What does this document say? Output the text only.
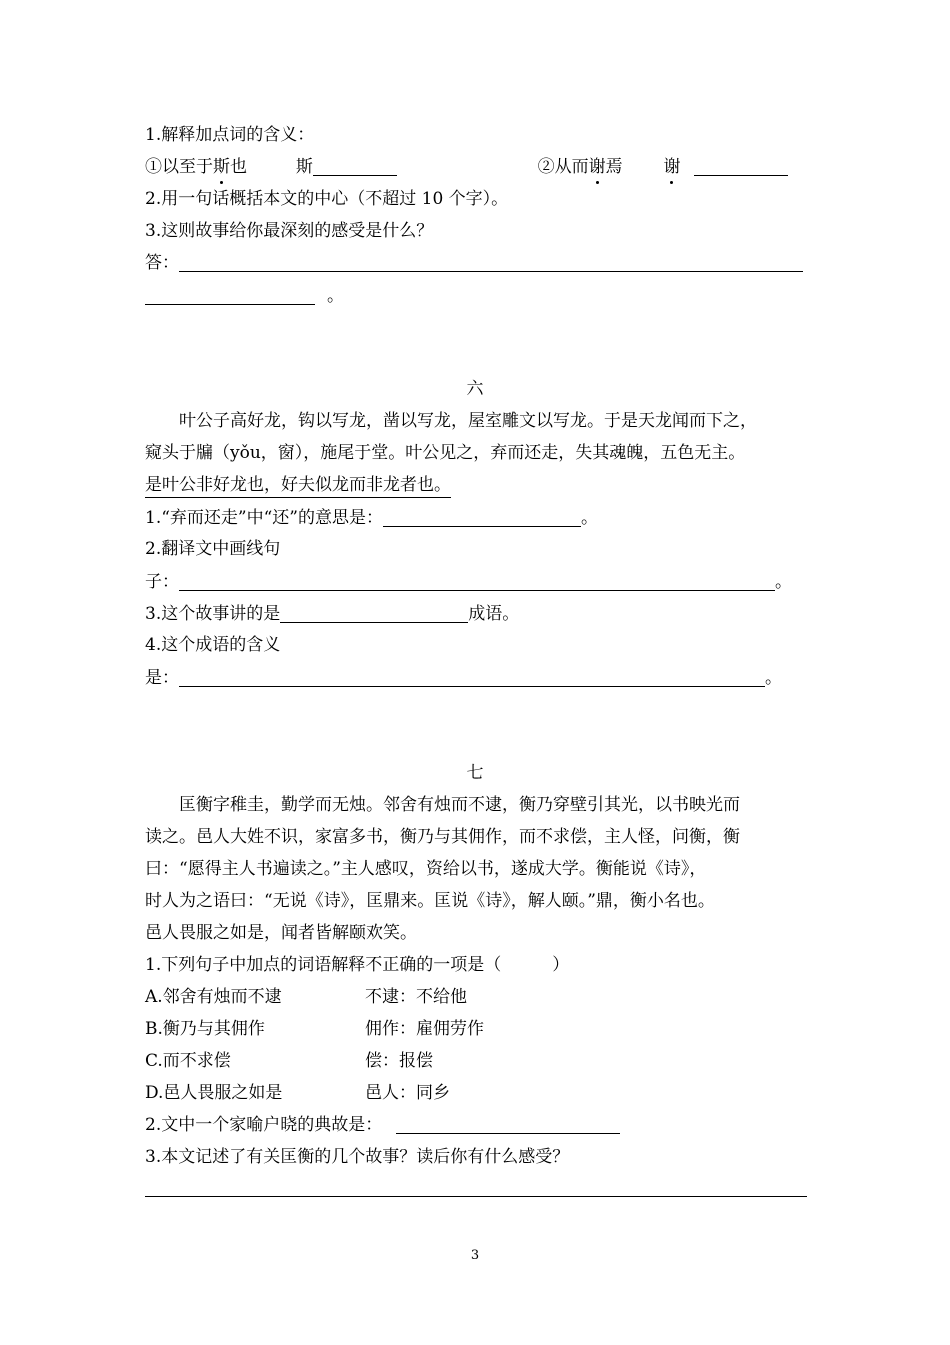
1.解释加点词的含义：
①以至于斯也	斯	②从而谢焉 谢
2.用一句话概括本文的中心（不超过 10 个字）。
3.这则故事给你最深刻的感受是什么？
答：
。
六
叶公子高好龙，钩以写龙，凿以写龙，屋室雕文以写龙。于是天龙闻而下之，
窥头于牖（yǒu，窗），施尾于堂。叶公见之，弃而还走，失其魂魄，五色无主。
是叶公非好龙也，好夫似龙而非龙者也。
1.“弃而还走”中“还”的意思是：	。
2.翻译文中画线句
子：	。
3.这个故事讲的是	成语。
4.这个成语的含义
是：	。
七
匡衡字稚圭，勤学而无烛。邻舍有烛而不逮，衡乃穿壁引其光，以书映光而
读之。邑人大姓不识，家富多书，衡乃与其佣作，而不求偿，主人怪，问衡，衡
曰：“愿得主人书遍读之。”主人感叹，资给以书，遂成大学。衡能说《诗》，
时人为之语曰：“无说《诗》，匡鼎来。匡说《诗》，解人颐。”鼎，衡小名也。
邑人畏服之如是，闻者皆解颐欢笑。
1.下列句子中加点的词语解释不正确的一项是（　　　）
A.邻舍有烛而不逮	不逮：不给他
B.衡乃与其佣作	佣作：雇佣劳作
C.而不求偿	偿：报偿
D.邑人畏服之如是	邑人：同乡
2.文中一个家喻户晓的典故是：
3.本文记述了有关匡衡的几个故事？读后你有什么感受？
3
